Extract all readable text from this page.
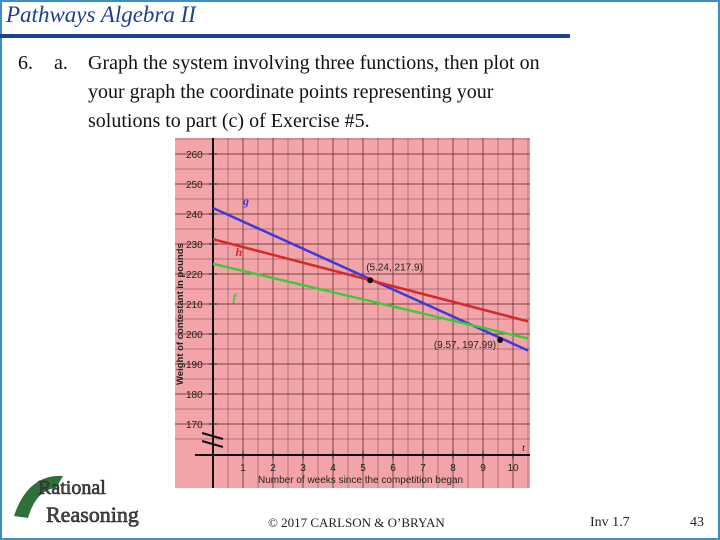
Pathways Algebra II
6. a. Graph the system involving three functions, then plot on
your graph the coordinate points representing your
solutions to part (c) of Exercise #5.
170
180
190
200
210
220
230
240
250
260
1 2 3 4 5 6 7 8 9 10
t
Number of weeks since the competition began
Weight of contestant in pounds
g
h
f
(5.24, 217.9)
(9.57, 197.99)
Rational
Reasoning	© 2017 CARLSON & O’BRYAN	Inv 1.7	43
